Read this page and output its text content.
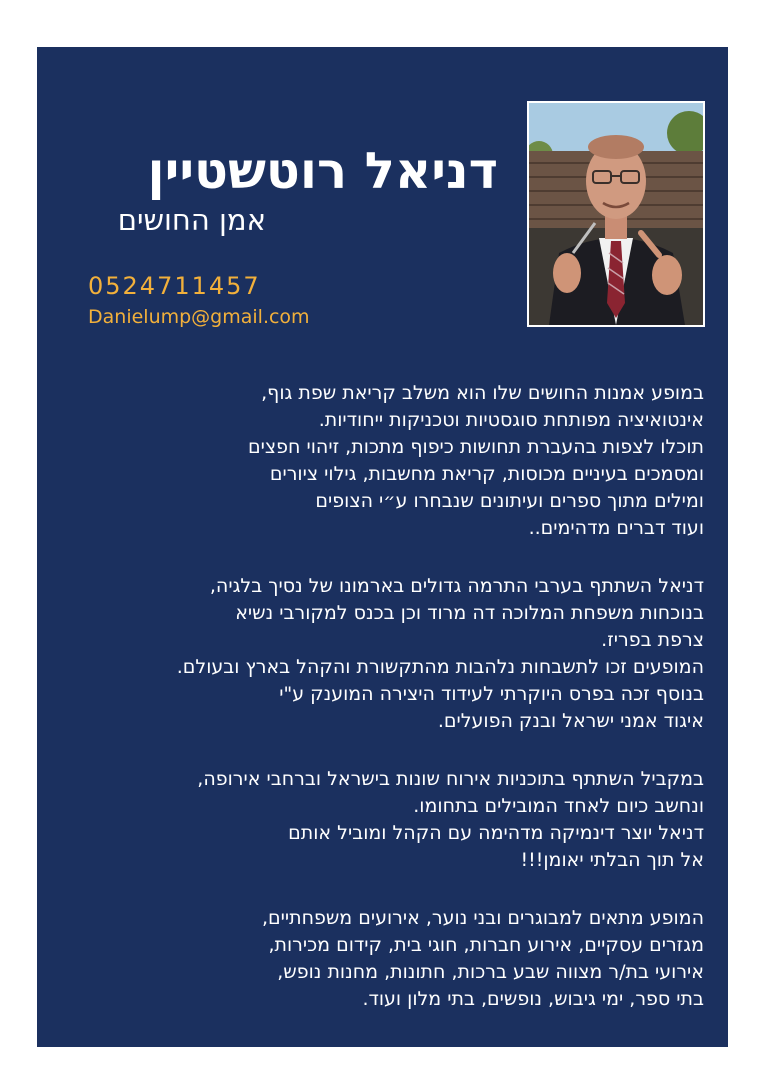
דניאל רוטשטיין
אמן החושים
0524711457
Danielump@gmail.com
במופע אמנות החושים שלו הוא משלב קריאת שפת גוף,
אינטואיציה מפותחת סוגסטיות וטכניקות ייחודיות.
תוכלו לצפות בהעברת תחושות כיפוף מתכות, זיהוי חפצים
ומסמכים בעיניים מכוסות, קריאת מחשבות, גילוי ציורים
ומילים מתוך ספרים ועיתונים שנבחרו ע״י הצופים
ועוד דברים מדהימים..
דניאל השתתף בערבי התרמה גדולים בארמונו של נסיך בלגיה,
בנוכחות משפחת המלוכה דה מרוד וכן בכנס למקורבי נשיא
צרפת בפריז.
המופעים זכו לתשבחות נלהבות מהתקשורת והקהל בארץ ובעולם.
בנוסף זכה בפרס היוקרתי לעידוד היצירה המוענק ע"י
איגוד אמני ישראל ובנק הפועלים.
במקביל השתתף בתוכניות אירוח שונות בישראל וברחבי אירופה,
ונחשב כיום לאחד המובילים בתחומו.
דניאל יוצר דינמיקה מדהימה עם הקהל ומוביל אותם
אל תוך הבלתי יאומן!!!
המופע מתאים למבוגרים ובני נוער, אירועים משפחתיים,
מגזרים עסקיים, אירוע חברות, חוגי בית, קידום מכירות,
אירועי בת/ר מצווה שבע ברכות, חתונות, מחנות נופש,
בתי ספר, ימי גיבוש, נופשים, בתי מלון ועוד.
